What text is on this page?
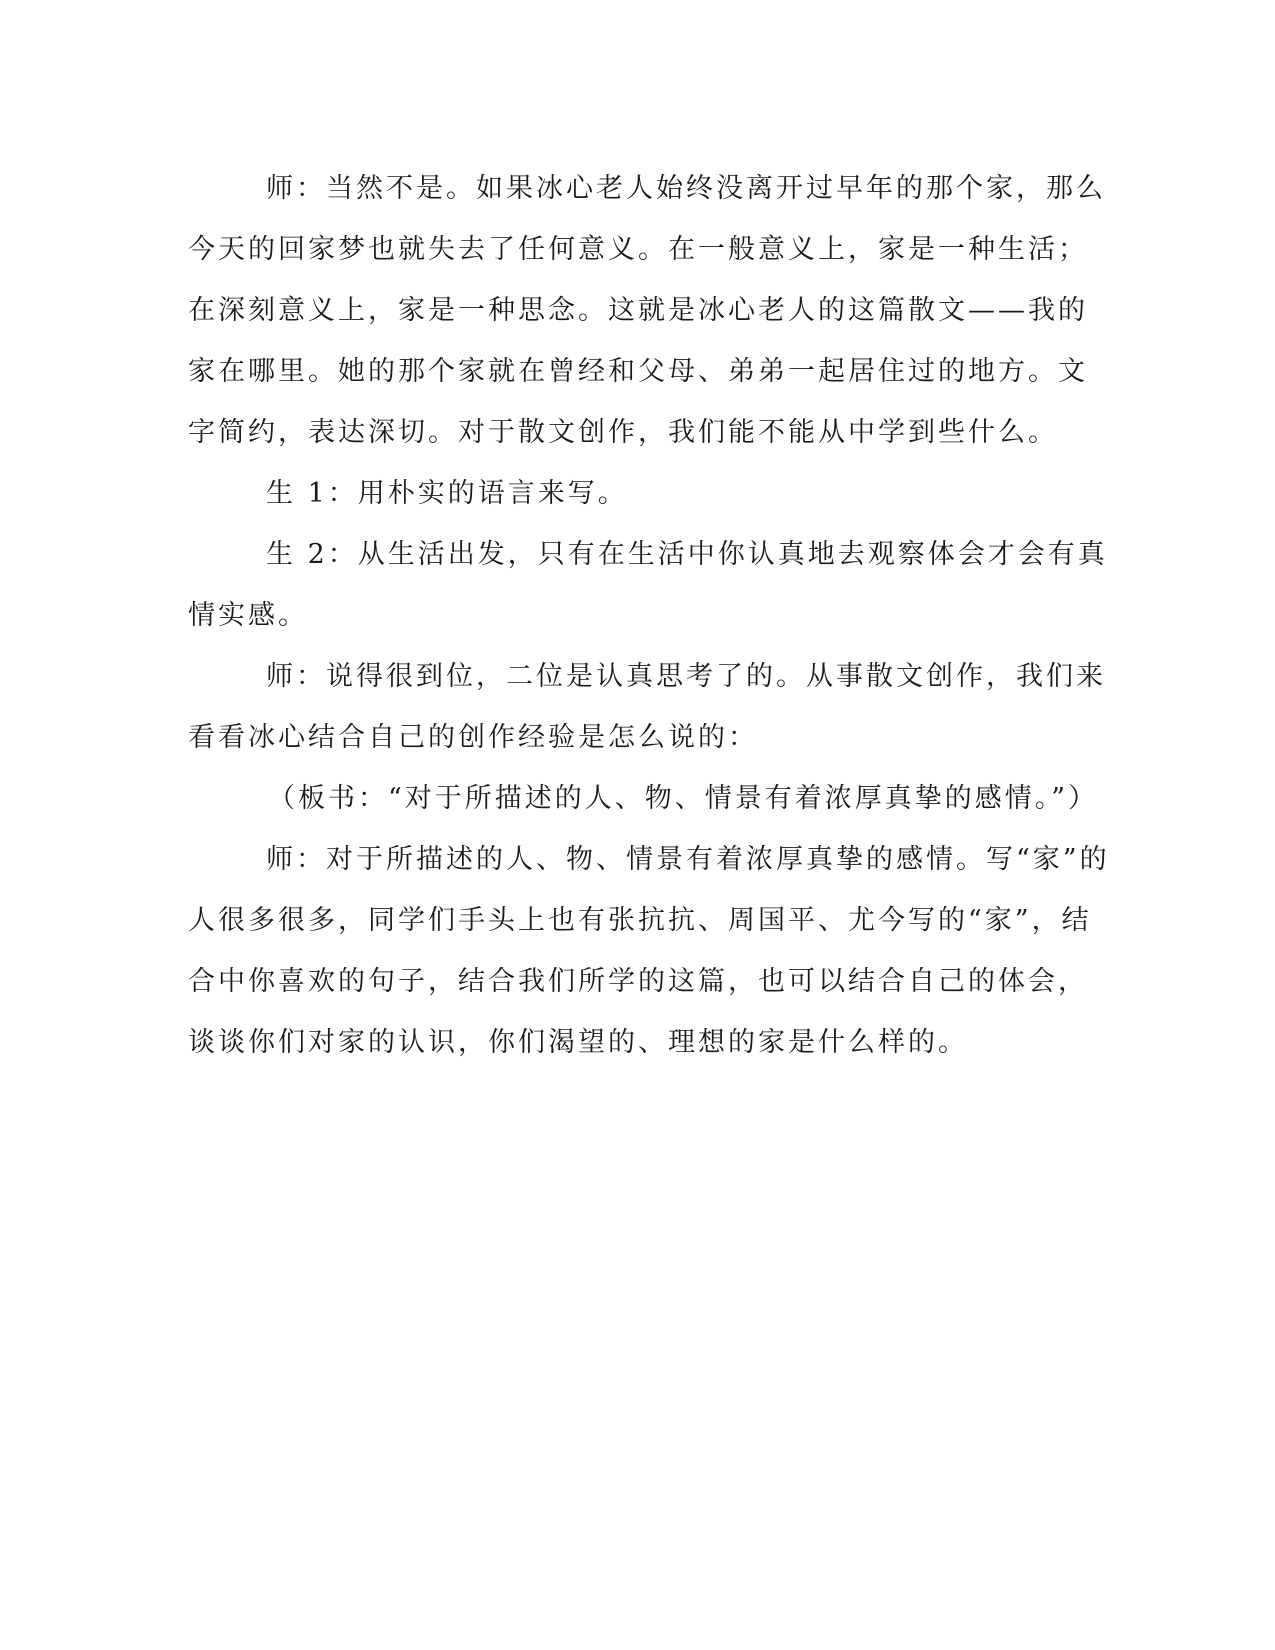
师：当然不是。如果冰心老人始终没离开过早年的那个家，那么
今天的回家梦也就失去了任何意义。在一般意义上，家是一种生活；
在深刻意义上，家是一种思念。这就是冰心老人的这篇散文——我的
家在哪里。她的那个家就在曾经和父母、弟弟一起居住过的地方。文
字简约，表达深切。对于散文创作，我们能不能从中学到些什么。
生 1：用朴实的语言来写。
生 2：从生活出发，只有在生活中你认真地去观察体会才会有真
情实感。
师：说得很到位，二位是认真思考了的。从事散文创作，我们来
看看冰心结合自己的创作经验是怎么说的：
（板书：“对于所描述的人、物、情景有着浓厚真挚的感情。”）
师：对于所描述的人、物、情景有着浓厚真挚的感情。写“家”的
人很多很多，同学们手头上也有张抗抗、周国平、尤今写的“家”，结
合中你喜欢的句子，结合我们所学的这篇，也可以结合自己的体会，
谈谈你们对家的认识，你们渴望的、理想的家是什么样的。
